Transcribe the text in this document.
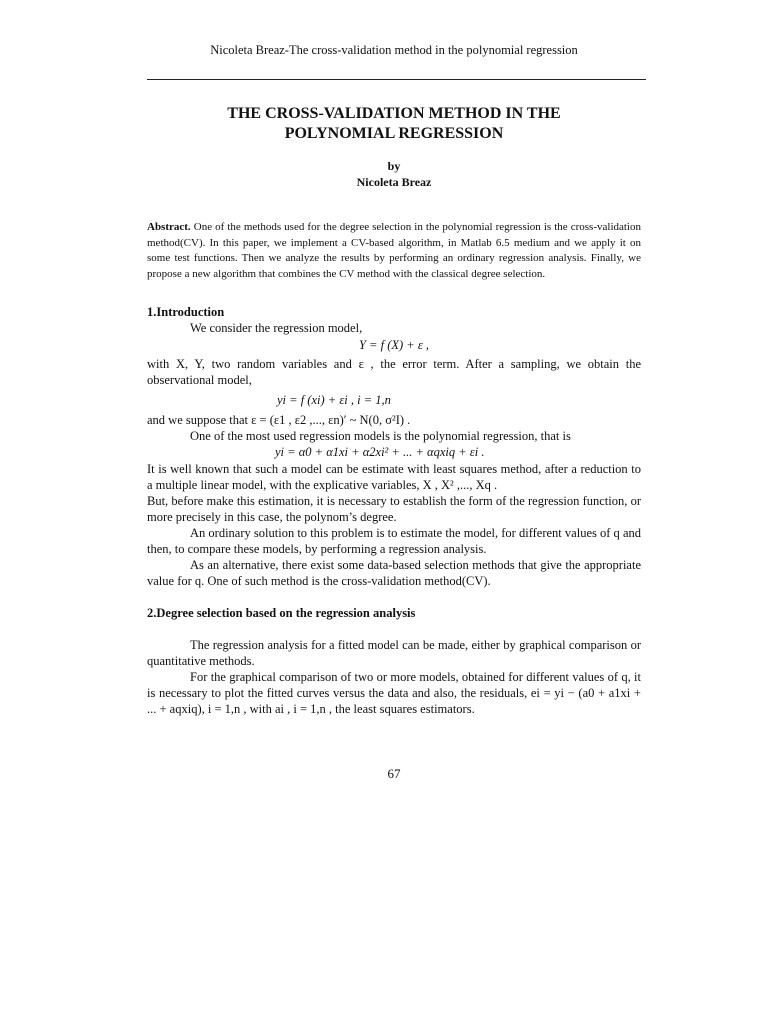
Nicoleta Breaz-The cross-validation method in the polynomial regression
THE CROSS-VALIDATION METHOD IN THE
POLYNOMIAL REGRESSION
by
Nicoleta Breaz
Abstract. One of the methods used for the degree selection in the polynomial regression is the cross-validation method(CV). In this paper, we implement a CV-based algorithm, in Matlab 6.5 medium and we apply it on some test functions. Then we analyze the results by performing an ordinary regression analysis. Finally, we propose a new algorithm that combines the CV method with the classical degree selection.
1.Introduction

We consider the regression model,

Y = f (X) + ε ,

with X, Y, two random variables and ε , the error term. After a sampling, we obtain the observational model,

yi = f (xi) + εi , i = 1,n

and we suppose that ε = (ε1 , ε2 ,..., εn)′ ~ N(0, σ²I) .

One of the most used regression models is the polynomial regression, that is

yi = α0 + α1xi + α2xi² + ... + αqxiq + εi .

It is well known that such a model can be estimate with least squares method, after a reduction to a multiple linear model, with the explicative variables, X , X² ,..., Xq .

But, before make this estimation, it is necessary to establish the form of the regression function, or more precisely in this case, the polynom’s degree.

An ordinary solution to this problem is to estimate the model, for different values of q and then, to compare these models, by performing a regression analysis.

As an alternative, there exist some data-based selection methods that give the appropriate value for q. One of such method is the cross-validation method(CV).

2.Degree selection based on the regression analysis

The regression analysis for a fitted model can be made, either by graphical comparison or quantitative methods.

For the graphical comparison of two or more models, obtained for different values of q, it is necessary to plot the fitted curves versus the data and also, the residuals, ei = yi − (a0 + a1xi + ... + aqxiq), i = 1,n , with ai , i = 1,n , the least squares estimators.

67
